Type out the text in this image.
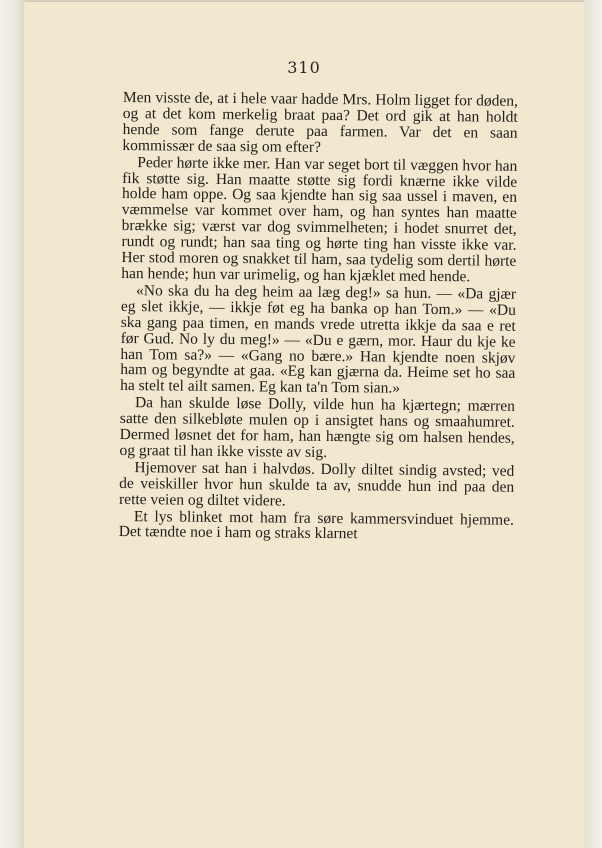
310

Men visste de, at i hele vaar hadde Mrs. Holm ligget for døden, og at det kom merkelig braat paa? Det ord gik at han holdt hende som fange derute paa farmen. Var det en saan kommissær de saa sig om efter?

Peder hørte ikke mer. Han var seget bort til væggen hvor han fik støtte sig. Han maatte støtte sig fordi knærne ikke vilde holde ham oppe. Og saa kjendte han sig saa ussel i maven, en væmmelse var kommet over ham, og han syntes han maatte brække sig; værst var dog svimmelheten; i hodet snurret det, rundt og rundt; han saa ting og hørte ting han visste ikke var. Her stod moren og snakket til ham, saa tydelig som dertil hørte han hende; hun var urimelig, og han kjæklet med hende.

«No ska du ha deg heim aa læg deg!» sa hun. — «Da gjær eg slet ikkje, — ikkje føt eg ha banka op han Tom.» — «Du ska gang paa timen, en mands vrede utretta ikkje da saa e ret før Gud. No ly du meg!» — «Du e gærn, mor. Haur du kje ke han Tom sa?» — «Gang no bære.» Han kjendte noen skjøv ham og begyndte at gaa. «Eg kan gjærna da. Heime set ho saa ha stelt tel ailt samen. Eg kan ta'n Tom sian.»

Da han skulde løse Dolly, vilde hun ha kjærtegn; mærren satte den silkebløte mulen op i ansigtet hans og smaahumret. Dermed løsnet det for ham, han hængte sig om halsen hendes, og graat til han ikke visste av sig.

Hjemover sat han i halvdøs. Dolly diltet sindig avsted; ved de veiskiller hvor hun skulde ta av, snudde hun ind paa den rette veien og diltet videre.

Et lys blinket mot ham fra søre kammersvinduet hjemme. Det tændte noe i ham og straks klarnet
